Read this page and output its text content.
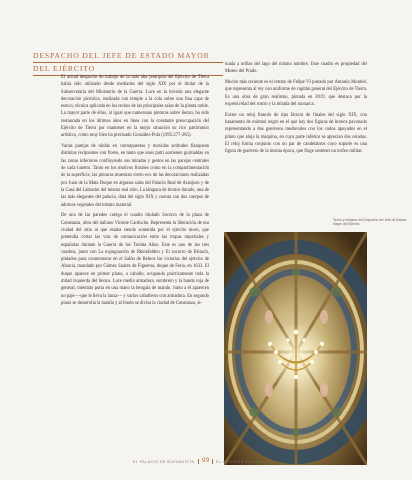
DESPACHO DEL JEFE DE ESTADO MAYOR
DEL EJÉRCITO

El actual despacho de trabajo de la más alta jerarquía del Ejército de Tierra había sido utilizado desde mediados del siglo XIX por el titular de la Subsecretaría del Ministerio de la Guerra. Luce en la bóveda una elegante decoración pictórica, realizada con temple a la cola sobre una fina capa de estuco, técnica aplicada en los techos de las principales salas de la planta noble. La mayor parte de ellos, al igual que numerosas pinturas sobre lienzo, ha sido restaurada en los últimos años en línea con la constante preocupación del Ejército de Tierra por mantener en la mejor situación su rico patrimonio artístico, como muy bien ha precisado González-Pola (1995:277-285).

Varias parejas de ninfas en contrapuestas y movidas actitudes flanquean distintos recipientes con flores, en tanto que unos putti sostienen guirnaldas en las zonas inferiores confluyendo sus miradas y gestos en las parejas centrales de cada lunetto. Tanto en los motivos florales como en la compartimentación de la superficie, las pinturas muestran cierto eco de las decoraciones realizadas por Juan de la Mata Duque en algunas salas del Palacio Real de Aranjuez y de la Casa del Labrador del mismo real sitio. La lámpara de bronce dorado, una de las más elegantes del palacio, data del siglo XIX y cuenta con dos cuerpos de adornos vegetales del mismo material.

De una de las paredes cuelga el cuadro titulado Socorro de la plaza de Constanza, obra del italiano Vicente Carducho. Representa la liberación de esa ciudad del sitio al que estaba siendo sometida por el ejército moro, que pretendía cortar las vías de comunicación entre las tropas imperiales y españolas durante la Guerra de los Treinta Años. Este es uno de los tres cuadros, junto con La expugnación de Rheinfelden y El socorro de Brisach, pintados para conmemorar en el Salón de Reinos las victorias del ejército de Alsacia, mandado por Gómez Suárez de Figueroa, duque de Feria, en 1633. El duque aparece en primer plano, a caballo, ocupando prácticamente toda la mitad izquierda del lienzo. Luce media armadura, sombrero y la banda roja de general, mientras porta en una mano la bengala de mando. Junto a él aparecen un paje —que le lleva la lanza— y varios caballeros con armadura. En segundo plano se desarrolla la batalla y al fondo se divisa la ciudad de Constanza, si-

tuada a orillas del lago del mismo nombre. Este cuadro es propiedad del Museo del Prado.

Mucho más reciente es el retrato de Felipe VI pintado por Antonio Montiel, que representa al rey con uniforme de capitán general del Ejército de Tierra. Es una obra de gran realismo, pintada en 2019, que destaca por la expresividad del rostro y la mirada del monarca.

Existe un reloj francés de tipo Bracot de finales del siglo XIX, con basamento de mármol negro en el que hay dos figuras de bronce pavonado representando a dos guerreros medievales con los codos apoyados en el plinto que aloja la maquina, en cuya parte inferior se aprecian dos celadas. El reloj forma conjunto con un par de candelabros cuyo soporte es una figura de guerrero de la misma época, que finge sostener un trofeo militar.

Techo y lámpara del Despacho del Jefe de Estado Mayor del Ejército.
EL PALACIO DE BUENAVISTA 99 EL INTERIOR DEL PALACIO
